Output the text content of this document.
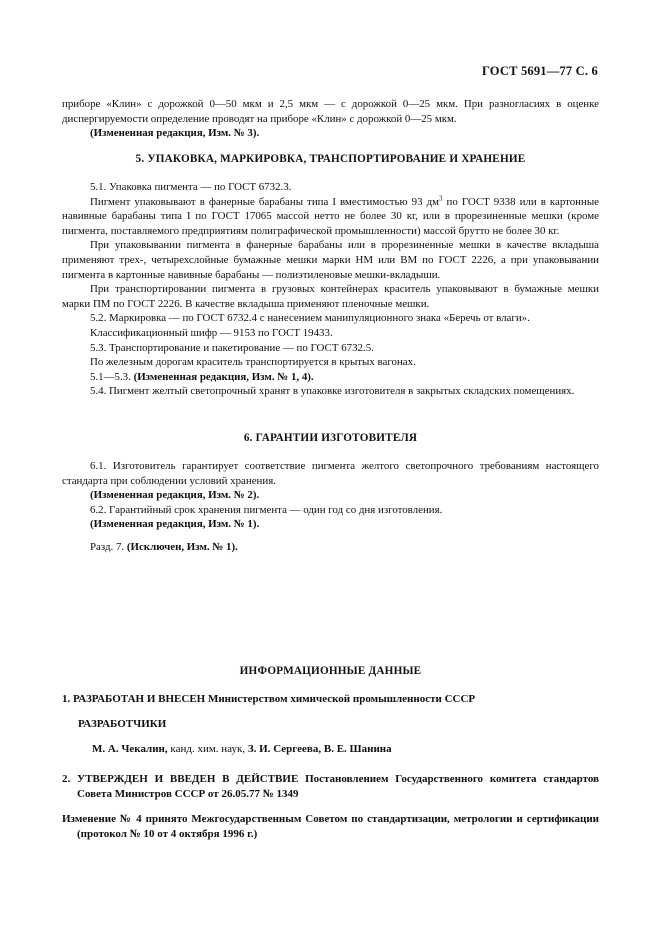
ГОСТ 5691—77 С. 6

приборе «Клин» с дорожкой 0—50 мкм и 2,5 мкм — с дорожкой 0—25 мкм. При разногласиях в оценке диспергируемости определение проводят на приборе «Клин» с дорожкой 0—25 мкм.

(Измененная редакция, Изм. № 3).

5. УПАКОВКА, МАРКИРОВКА, ТРАНСПОРТИРОВАНИЕ И ХРАНЕНИЕ

5.1. Упаковка пигмента — по ГОСТ 6732.3.

Пигмент упаковывают в фанерные барабаны типа I вместимостью 93 $дм^3$ по ГОСТ 9338 или в картонные навивные барабаны типа I по ГОСТ 17065 массой нетто не более 30 кг, или в прорезиненные мешки (кроме пигмента, поставляемого предприятиям полиграфической промышленности) массой брутто не более 30 кг.

При упаковывании пигмента в фанерные барабаны или в прорезиненные мешки в качестве вкладыша применяют трех-, четырехслойные бумажные мешки марки НМ или ВМ по ГОСТ 2226, а при упаковывании пигмента в картонные навивные барабаны — полиэтиленовые мешки-вкладыши.

При транспортировании пигмента в грузовых контейнерах краситель упаковывают в бумажные мешки марки ПМ по ГОСТ 2226. В качестве вкладыша применяют пленочные мешки.

5.2. Маркировка — по ГОСТ 6732.4 с нанесением манипуляционного знака «Беречь от влаги».

Классификационный шифр — 9153 по ГОСТ 19433.

5.3. Транспортирование и пакетирование — по ГОСТ 6732.5.

По железным дорогам краситель транспортируется в крытых вагонах.

5.1—5.3. (Измененная редакция, Изм. № 1, 4).

5.4. Пигмент желтый светопрочный хранят в упаковке изготовителя в закрытых складских помещениях.

6. ГАРАНТИИ ИЗГОТОВИТЕЛЯ

6.1. Изготовитель гарантирует соответствие пигмента желтого светопрочного требованиям настоящего стандарта при соблюдении условий хранения.

(Измененная редакция, Изм. № 2).

6.2. Гарантийный срок хранения пигмента — один год со дня изготовления.

(Измененная редакция, Изм. № 1).

Разд. 7. (Исключен, Изм. № 1).

ИНФОРМАЦИОННЫЕ ДАННЫЕ

1. РАЗРАБОТАН И ВНЕСЕН Министерством химической промышленности СССР

РАЗРАБОТЧИКИ

М. А. Чекалин, канд. хим. наук, З. И. Сергеева, В. Е. Шанина

2. УТВЕРЖДЕН И ВВЕДЕН В ДЕЙСТВИЕ Постановлением Государственного комитета стандартов Совета Министров СССР от 26.05.77 № 1349

Изменение № 4 принято Межгосударственным Советом по стандартизации, метрологии и сертификации (протокол № 10 от 4 октября 1996 г.)
